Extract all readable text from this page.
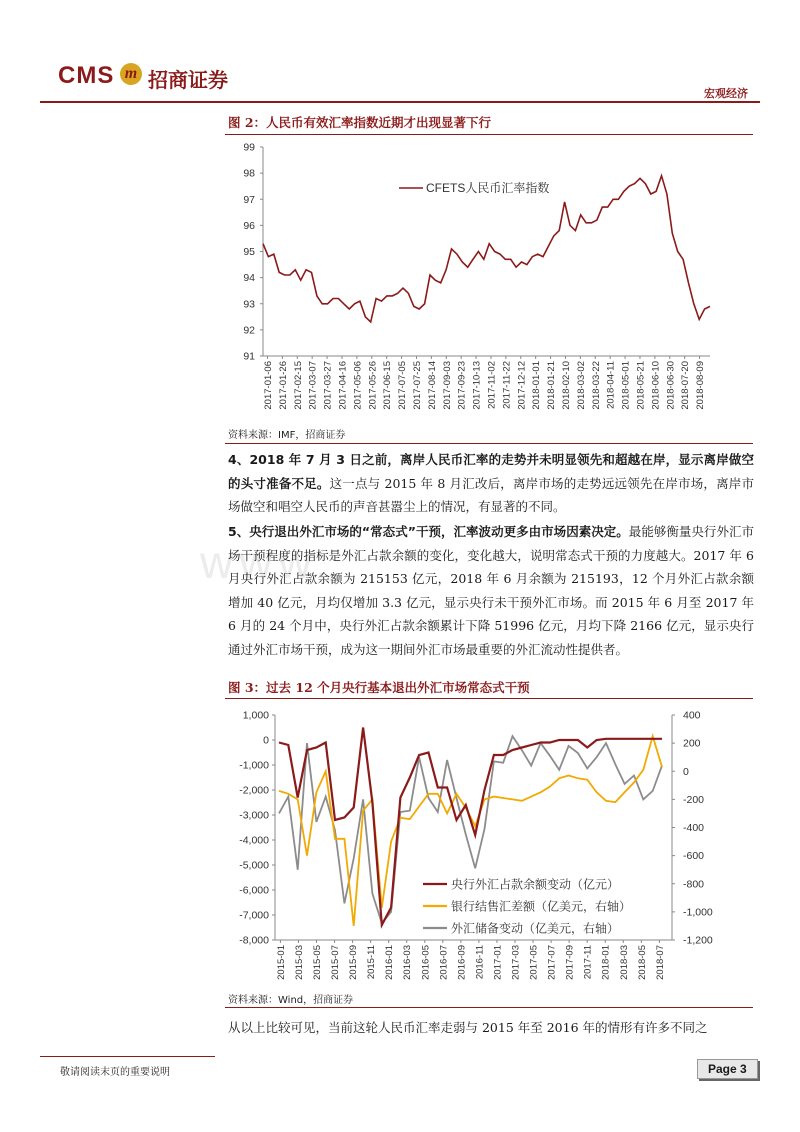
CMS m 招商证券
宏观经济
图 2：人民币有效汇率指数近期才出现显著下行
91
92
93
94
95
96
97
98
99
2017-01-06 2017-01-26 2017-02-15 2017-03-07 2017-03-27 2017-04-16 2017-05-06 2017-05-26 2017-06-15 2017-07-05 2017-07-25 2017-08-14 2017-09-03 2017-09-23 2017-10-13 2017-11-02 2017-11-22 2017-12-12 2018-01-01 2018-01-21 2018-02-10 2018-03-02 2018-03-22 2018-04-11 2018-05-01 2018-05-21 2018-06-10 2018-06-30 2018-07-20 2018-08-09
CFETS人民币汇率指数
资料来源：IMF，招商证券
www.
4、2018 年 7 月 3 日之前，离岸人民币汇率的走势并未明显领先和超越在岸，显示离岸做空的头寸准备不足。这一点与 2015 年 8 月汇改后，离岸市场的走势远远领先在岸市场，离岸市场做空和唱空人民币的声音甚嚣尘上的情况，有显著的不同。
5、央行退出外汇市场的“常态式”干预，汇率波动更多由市场因素决定。最能够衡量央行外汇市场干预程度的指标是外汇占款余额的变化，变化越大，说明常态式干预的力度越大。2017 年 6 月央行外汇占款余额为 215153 亿元，2018 年 6 月余额为 215193，12 个月外汇占款余额增加 40 亿元，月均仅增加 3.3 亿元，显示央行未干预外汇市场。而 2015 年 6 月至 2017 年 6 月的 24 个月中，央行外汇占款余额累计下降 51996 亿元，月均下降 2166 亿元，显示央行通过外汇市场干预，成为这一期间外汇市场最重要的外汇流动性提供者。
图 3：过去 12 个月央行基本退出外汇市场常态式干预
1,000
0
-1,000
-2,000
-3,000
-4,000
-5,000
-6,000
-7,000
-8,000
400
200
0
-200
-400
-600
-800
-1,000
-1,200
2015-01 2015-03 2015-05 2015-07 2015-09 2015-11 2016-01 2016-03 2016-05 2016-07 2016-09 2016-11 2017-01 2017-03 2017-05 2017-07 2017-09 2017-11 2018-01 2018-03 2018-05 2018-07
央行外汇占款余额变动（亿元）
银行结售汇差额（亿美元，右轴）
外汇储备变动（亿美元，右轴）
资料来源：Wind，招商证券
从以上比较可见，当前这轮人民币汇率走弱与 2015 年至 2016 年的情形有许多不同之
敬请阅读末页的重要说明	Page 3
